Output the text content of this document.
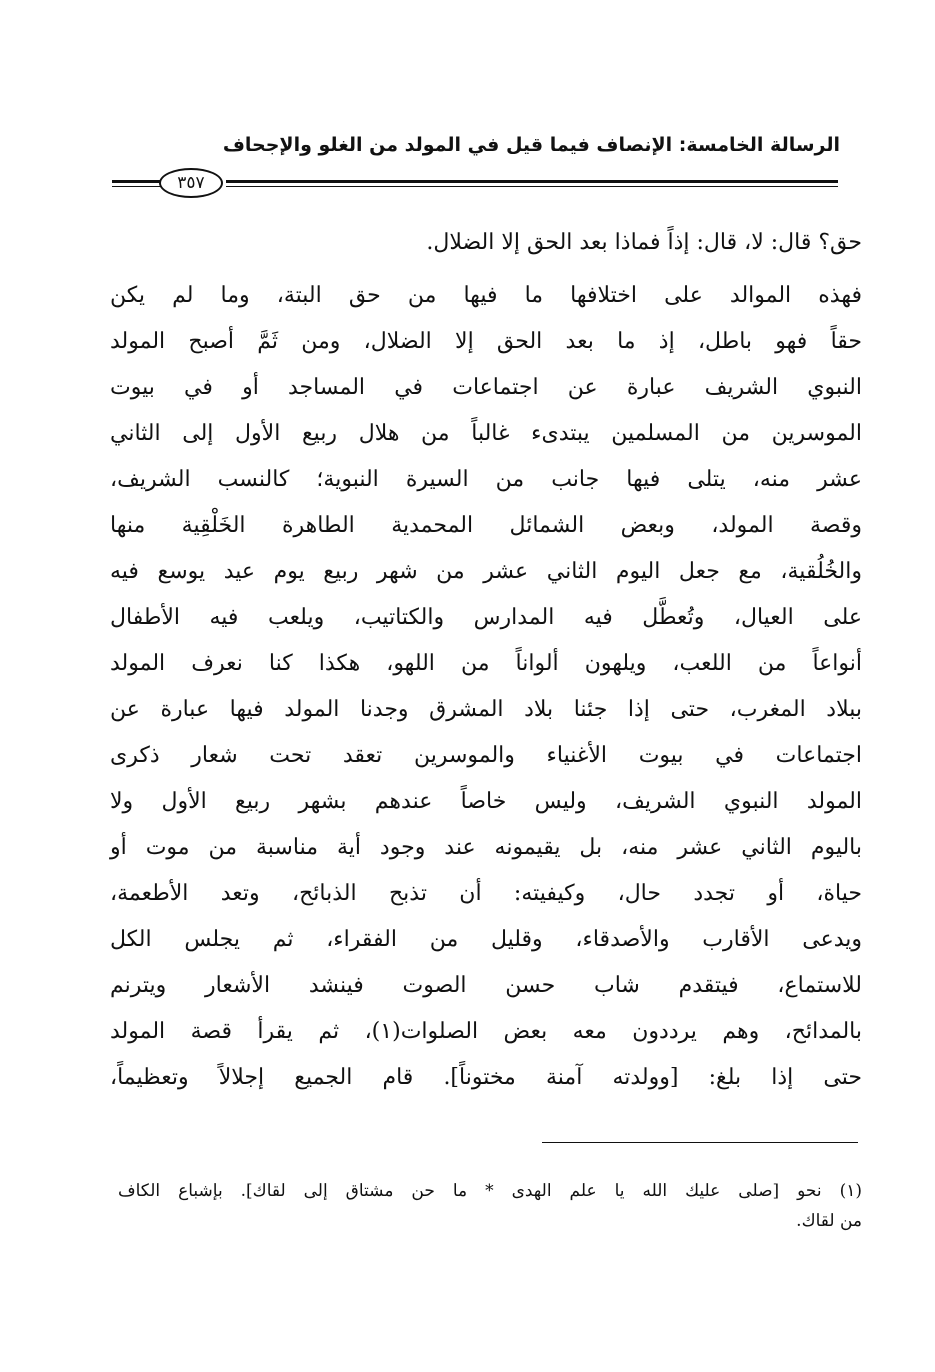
الرسالة الخامسة: الإنصاف فيما قيل في المولد من الغلو والإجحاف
٣٥٧
حق؟ قال: لا، قال: إذاً فماذا بعد الحق إلا الضلال.
فهذه الموالد على اختلافها ما فيها من حق البتة، وما لم يكن
حقاً فهو باطل، إذ ما بعد الحق إلا الضلال، ومن ثَمَّ أصبح المولد
النبوي الشريف عبارة عن اجتماعات في المساجد أو في بيوت
الموسرين من المسلمين يبتدىء غالباً من هلال ربيع الأول إلى الثاني
عشر منه، يتلى فيها جانب من السيرة النبوية؛ كالنسب الشريف،
وقصة المولد، وبعض الشمائل المحمدية الطاهرة الخَلْقِية منها
والخُلُقية، مع جعل اليوم الثاني عشر من شهر ربيع يوم عيد يوسع فيه
على العيال، وتُعطَّل فيه المدارس والكتاتيب، ويلعب فيه الأطفال
أنواعاً من اللعب، ويلهون ألواناً من اللهو، هكذا كنا نعرف المولد
ببلاد المغرب، حتى إذا جئنا بلاد المشرق وجدنا المولد فيها عبارة عن
اجتماعات في بيوت الأغنياء والموسرين تعقد تحت شعار ذكرى
المولد النبوي الشريف، وليس خاصاً عندهم بشهر ربيع الأول ولا
باليوم الثاني عشر منه، بل يقيمونه عند وجود أية مناسبة من موت أو
حياة، أو تجدد حال، وكيفيته: أن تذبح الذبائح، وتعد الأطعمة،
ويدعى الأقارب والأصدقاء، وقليل من الفقراء، ثم يجلس الكل
للاستماع، فيتقدم شاب حسن الصوت فينشد الأشعار ويترنم
بالمدائح، وهم يرددون معه بعض الصلوات(١)، ثم يقرأ قصة المولد
حتى إذا بلغ: [وولدته آمنة مختوناً]. قام الجميع إجلالاً وتعظيماً،
(١) نحو [صلى عليك الله يا علم الهدى * ما حن مشتاق إلى لقاك]. بإشباع الكاف
من لقاك.
